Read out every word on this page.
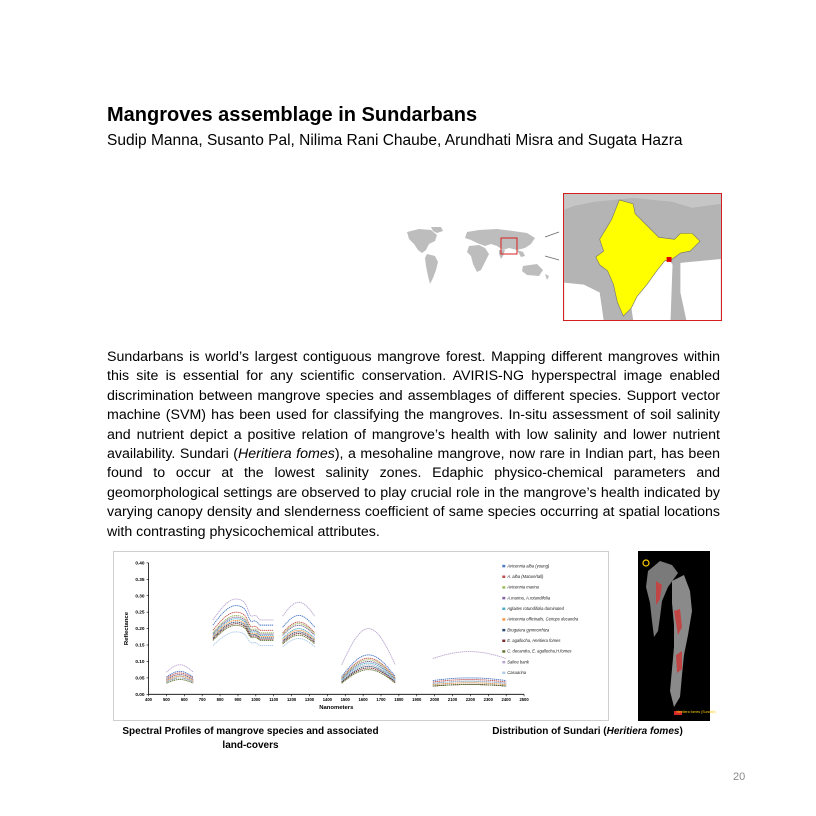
Mangroves assemblage in Sundarbans
Sudip Manna, Susanto Pal, Nilima Rani Chaube, Arundhati Misra and Sugata Hazra

Sundarbans is world’s largest contiguous mangrove forest. Mapping different mangroves within this site is essential for any scientific conservation. AVIRIS-NG hyperspectral image enabled discrimination between mangrove species and assemblages of different species. Support vector machine (SVM) has been used for classifying the mangroves. In-situ assessment of soil salinity and nutrient depict a positive relation of mangrove’s health with low salinity and lower nutrient availability. Sundari (Heritiera fomes), a mesohaline mangrove, now rare in Indian part, has been found to occur at the lowest salinity zones. Edaphic physico-chemical parameters and geomorphological settings are observed to play crucial role in the mangrove’s health indicated by varying canopy density and slenderness coefficient of same species occurring at spatial locations with contrasting physicochemical attributes.

0.00
0.05
0.10
0.15
0.20
0.25
0.30
0.35
0.40
400	500	600	700	800	900 1000 1100 1200 1300 1400 1500 1600 1700 1800 1900 2000 2100 2200 2300 2400 2500
Nanometers
Reflectance
Avicennia alba (young)
A. alba (Mature/tall)
Avicennia marina
A.marina, A.rotundifolia
Aglaites rotundifolia dominated
Avicennia officinalis, Ceriops decandra
Bruguiera gymnorrhiza
E. agallocha, Heritiera fomes
C. decandra, E. agallocha,H.fomes
Saline bank
Casuarina
Heritiera fomes (Sundari)
Spectral Profiles of mangrove species and associated land-covers
Distribution of Sundari (Heritiera fomes)
20
